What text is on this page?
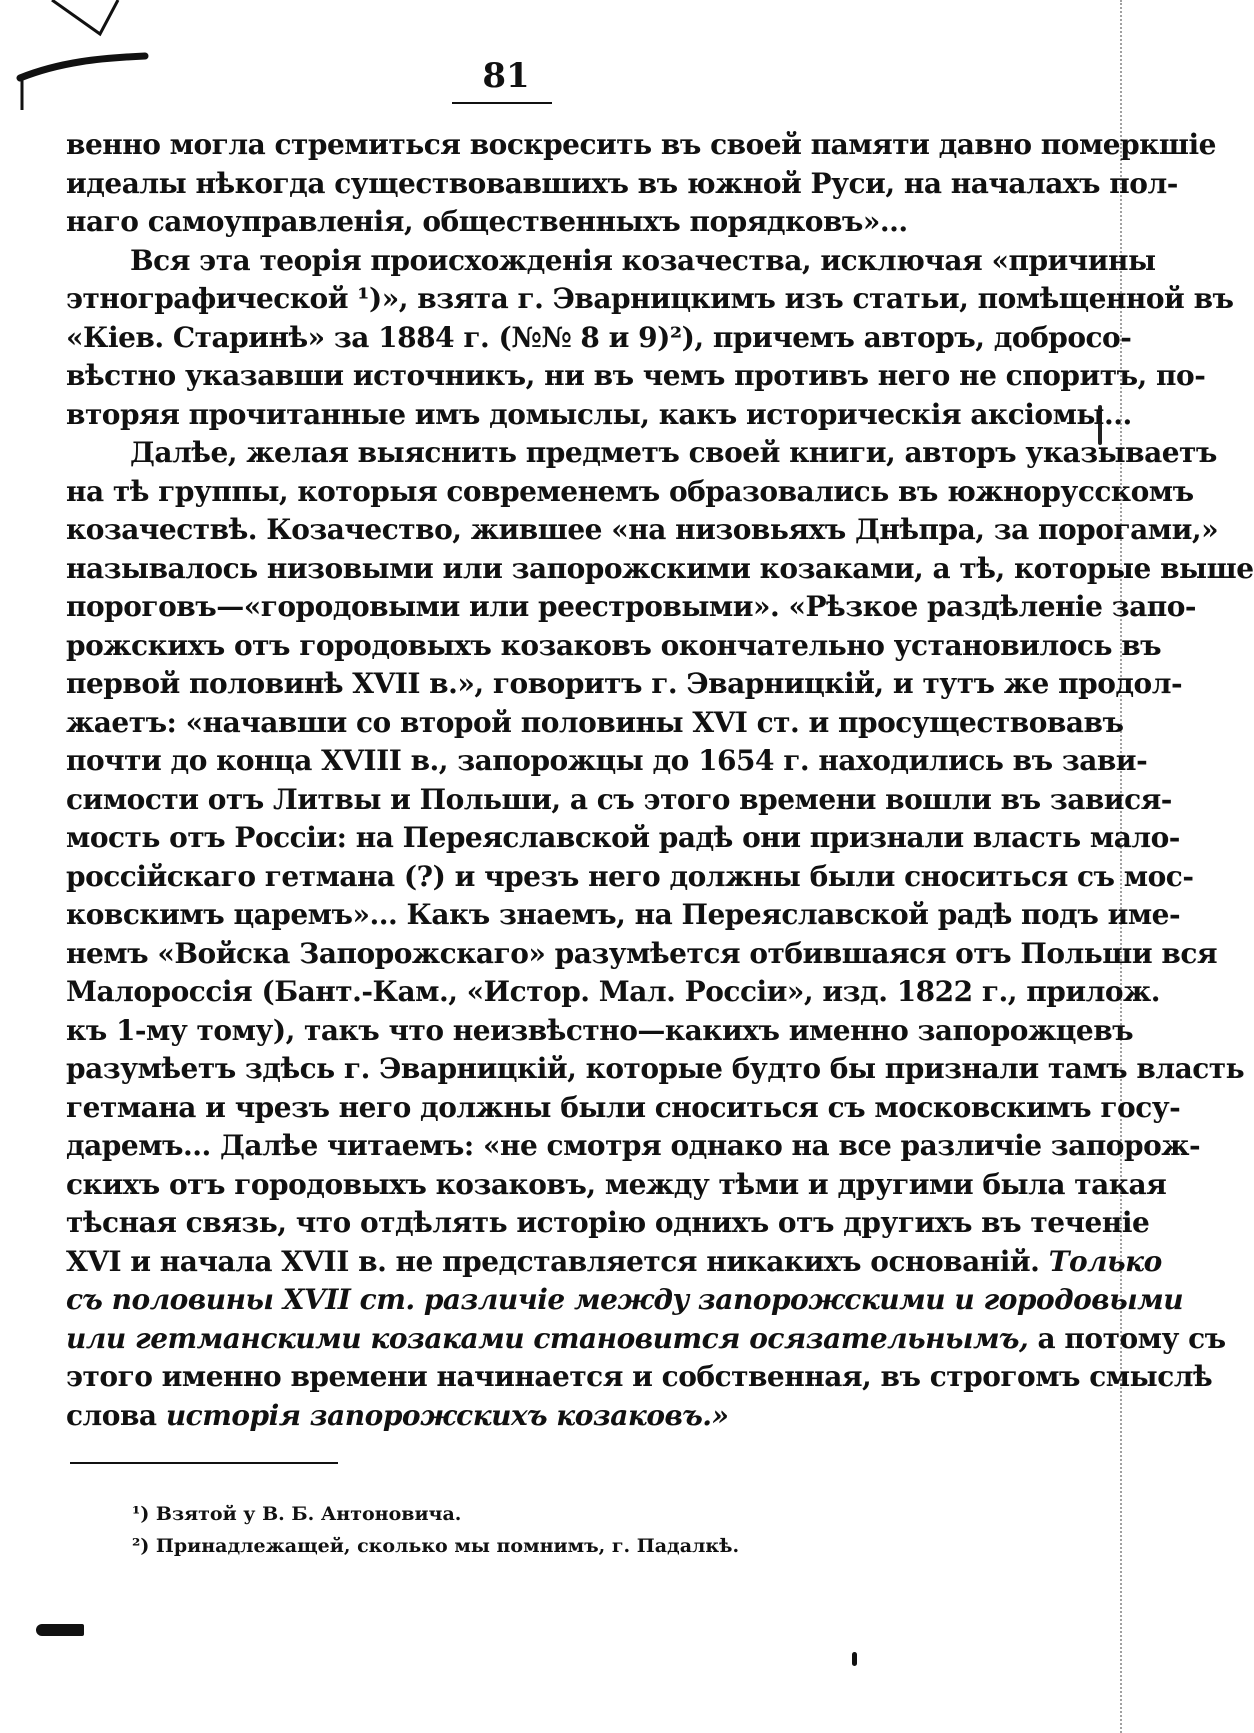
81
венно могла стремиться воскресить въ своей памяти давно померкшіе
идеалы нѣкогда существовавшихъ въ южной Руси, на началахъ пол-
наго самоуправленія, общественныхъ порядковъ»...
Вся эта теорія происхожденія козачества, исключая «причины
этнографической ¹)», взята г. Эварницкимъ изъ статьи, помѣщенной въ
«Кіев. Старинѣ» за 1884 г. (№№ 8 и 9)²), причемъ авторъ, добросо-
вѣстно указавши источникъ, ни въ чемъ противъ него не споритъ, по-
вторяя прочитанные имъ домыслы, какъ историческія аксіомы...
Далѣе, желая выяснить предметъ своей книги, авторъ указываетъ
на тѣ группы, которыя современемъ образовались въ южнорусскомъ
козачествѣ. Козачество, жившее «на низовьяхъ Днѣпра, за порогами,»
называлось низовыми или запорожскими козаками, а тѣ, которые выше
пороговъ—«городовыми или реестровыми». «Рѣзкое раздѣленіе запо-
рожскихъ отъ городовыхъ козаковъ окончательно установилось въ
первой половинѣ XVII в.», говоритъ г. Эварницкій, и тутъ же продол-
жаетъ: «начавши со второй половины XVI ст. и просуществовавъ
почти до конца XVIII в., запорожцы до 1654 г. находились въ зави-
симости отъ Литвы и Польши, а съ этого времени вошли въ завися-
мость отъ Россіи: на Переяславской радѣ они признали власть мало-
россійскаго гетмана (?) и чрезъ него должны были сноситься съ мос-
ковскимъ царемъ»... Какъ знаемъ, на Переяславской радѣ подъ име-
немъ «Войска Запорожскаго» разумѣется отбившаяся отъ Польши вся
Малороссія (Бант.-Кам., «Истор. Мал. Россіи», изд. 1822 г., прилож.
къ 1-му тому), такъ что неизвѣстно—какихъ именно запорожцевъ
разумѣетъ здѣсь г. Эварницкій, которые будто бы признали тамъ власть
гетмана и чрезъ него должны были сноситься съ московскимъ госу-
даремъ... Далѣе читаемъ: «не смотря однако на все различіе запорож-
скихъ отъ городовыхъ козаковъ, между тѣми и другими была такая
тѣсная связь, что отдѣлять исторію однихъ отъ другихъ въ теченіе
XVI и начала XVII в. не представляется никакихъ основаній. Только
съ половины XVII ст. различіе между запорожскими и городовыми
или гетманскими козаками становится осязательнымъ, а потому съ
этого именно времени начинается и собственная, въ строгомъ смыслѣ
слова исторія запорожскихъ козаковъ.»
¹) Взятой у В. Б. Антоновича.
²) Принадлежащей, сколько мы помнимъ, г. Падалкѣ.
